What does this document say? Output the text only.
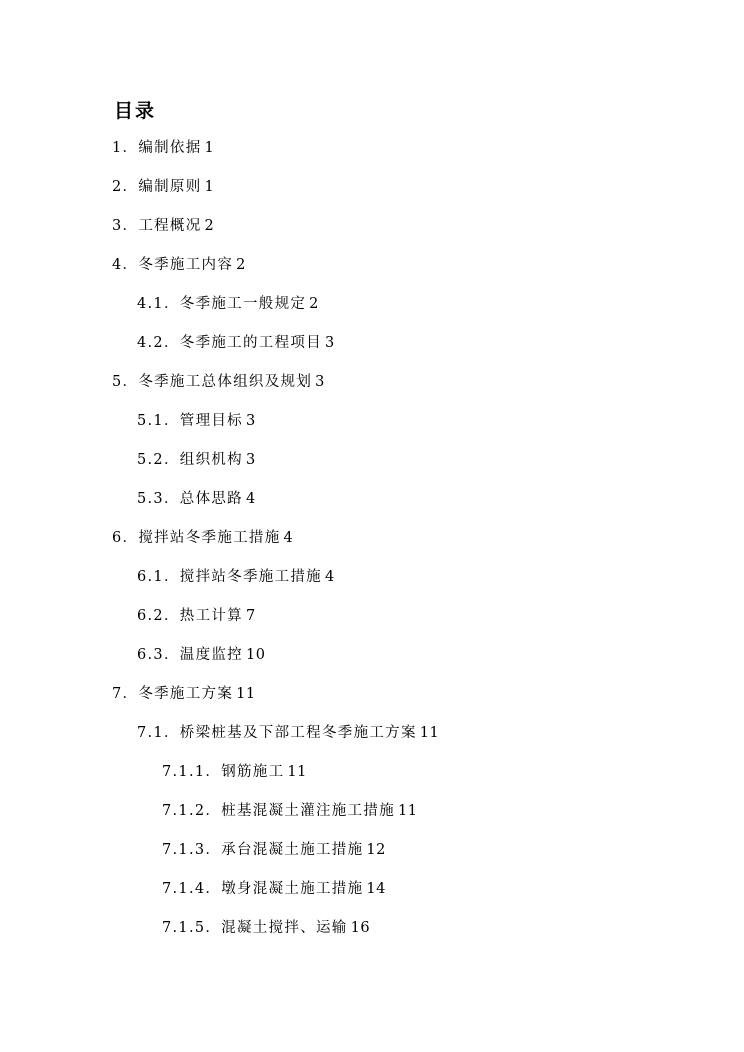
目录
1．编制依据 1
2．编制原则 1
3．工程概况 2
4．冬季施工内容 2
4.1．冬季施工一般规定 2
4.2．冬季施工的工程项目 3
5．冬季施工总体组织及规划 3
5.1．管理目标 3
5.2．组织机构 3
5.3．总体思路 4
6．搅拌站冬季施工措施 4
6.1．搅拌站冬季施工措施 4
6.2．热工计算 7
6.3．温度监控 10
7．冬季施工方案 11
7.1．桥梁桩基及下部工程冬季施工方案 11
7.1.1．钢筋施工 11
7.1.2．桩基混凝土灌注施工措施 11
7.1.3．承台混凝土施工措施 12
7.1.4．墩身混凝土施工措施 14
7.1.5．混凝土搅拌、运输 16
